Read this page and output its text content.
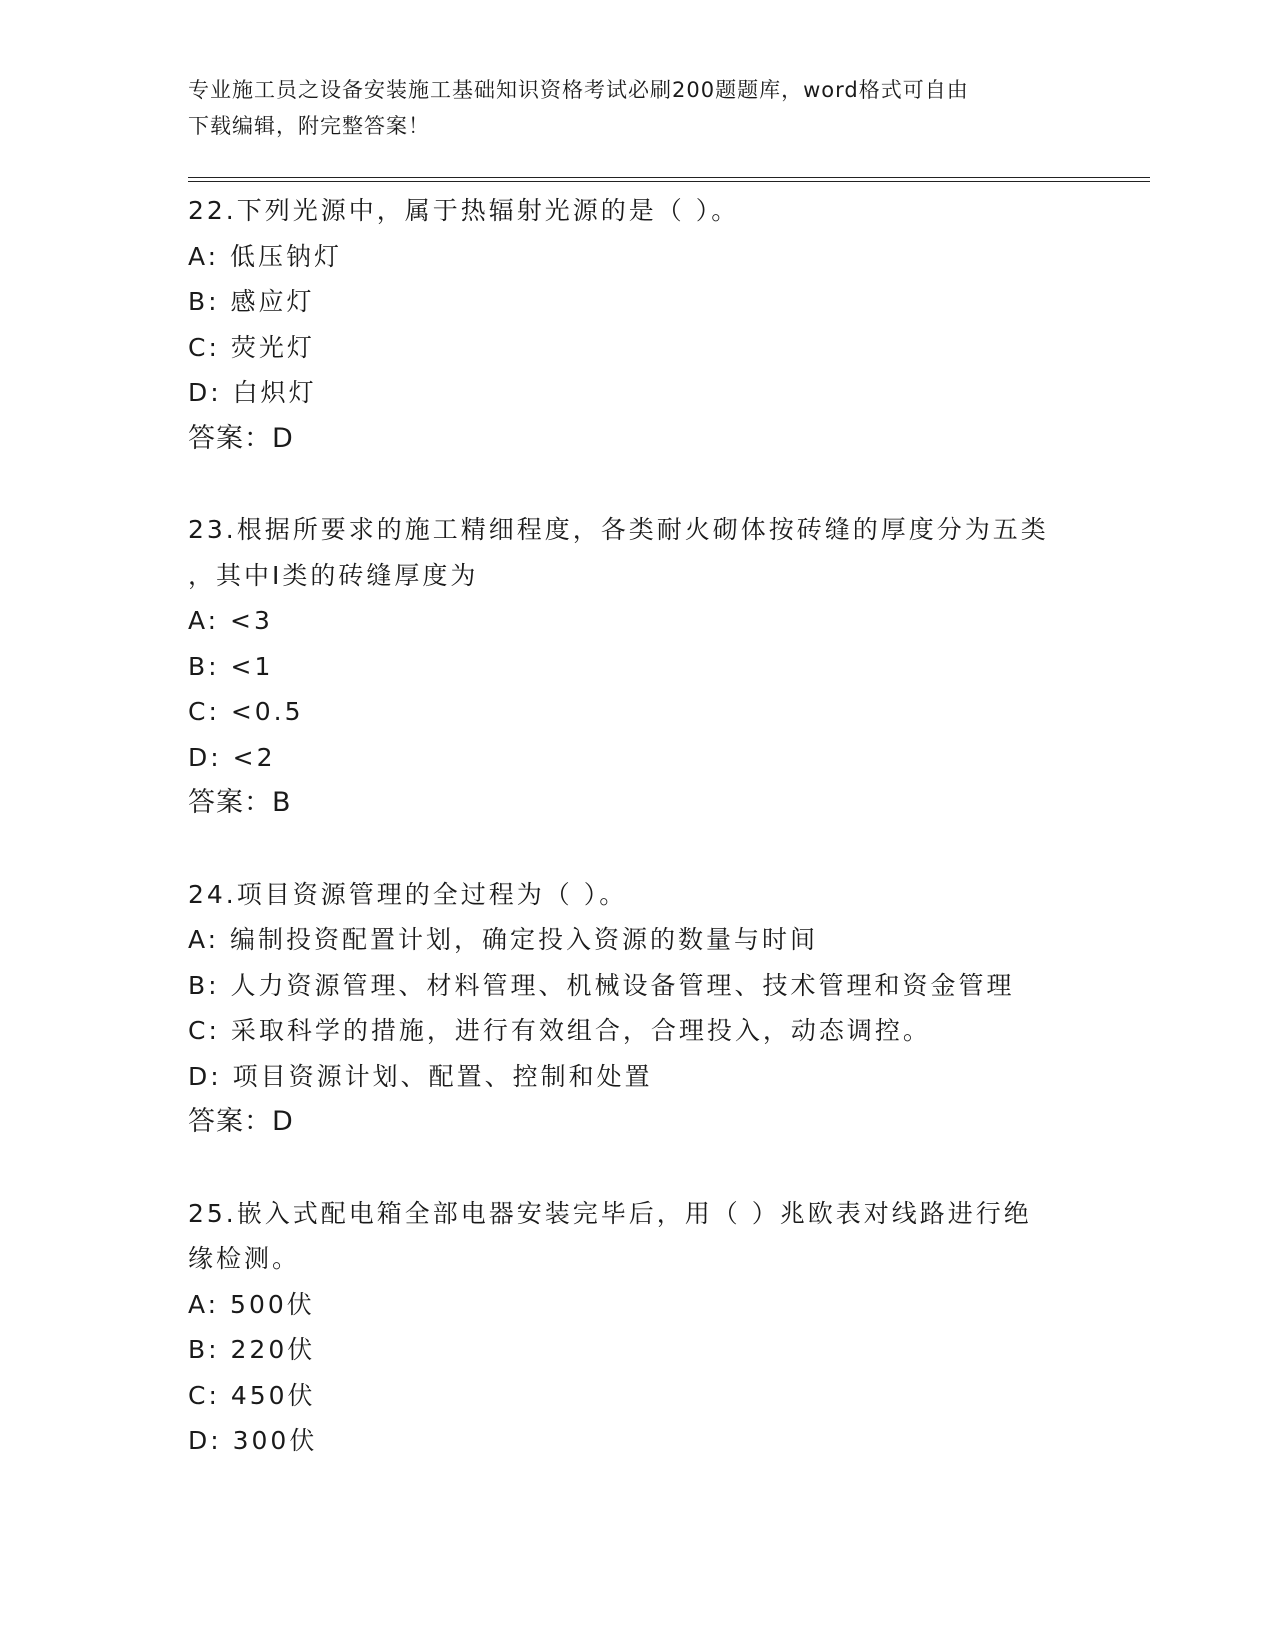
专业施工员之设备安装施工基础知识资格考试必刷200题题库，word格式可自由
下载编辑，附完整答案！
22.下列光源中，属于热辐射光源的是（ ）。
A: 低压钠灯
B: 感应灯
C: 荧光灯
D: 白炽灯
答案：D
23.根据所要求的施工精细程度，各类耐火砌体按砖缝的厚度分为五类
，其中Ⅰ类的砖缝厚度为
A: <3
B: <1
C: <0.5
D: <2
答案：B
24.项目资源管理的全过程为（ ）。
A: 编制投资配置计划，确定投入资源的数量与时间
B: 人力资源管理、材料管理、机械设备管理、技术管理和资金管理
C: 采取科学的措施，进行有效组合，合理投入，动态调控。
D: 项目资源计划、配置、控制和处置
答案：D
25.嵌入式配电箱全部电器安装完毕后，用（ ）兆欧表对线路进行绝
缘检测。
A: 500伏
B: 220伏
C: 450伏
D: 300伏
